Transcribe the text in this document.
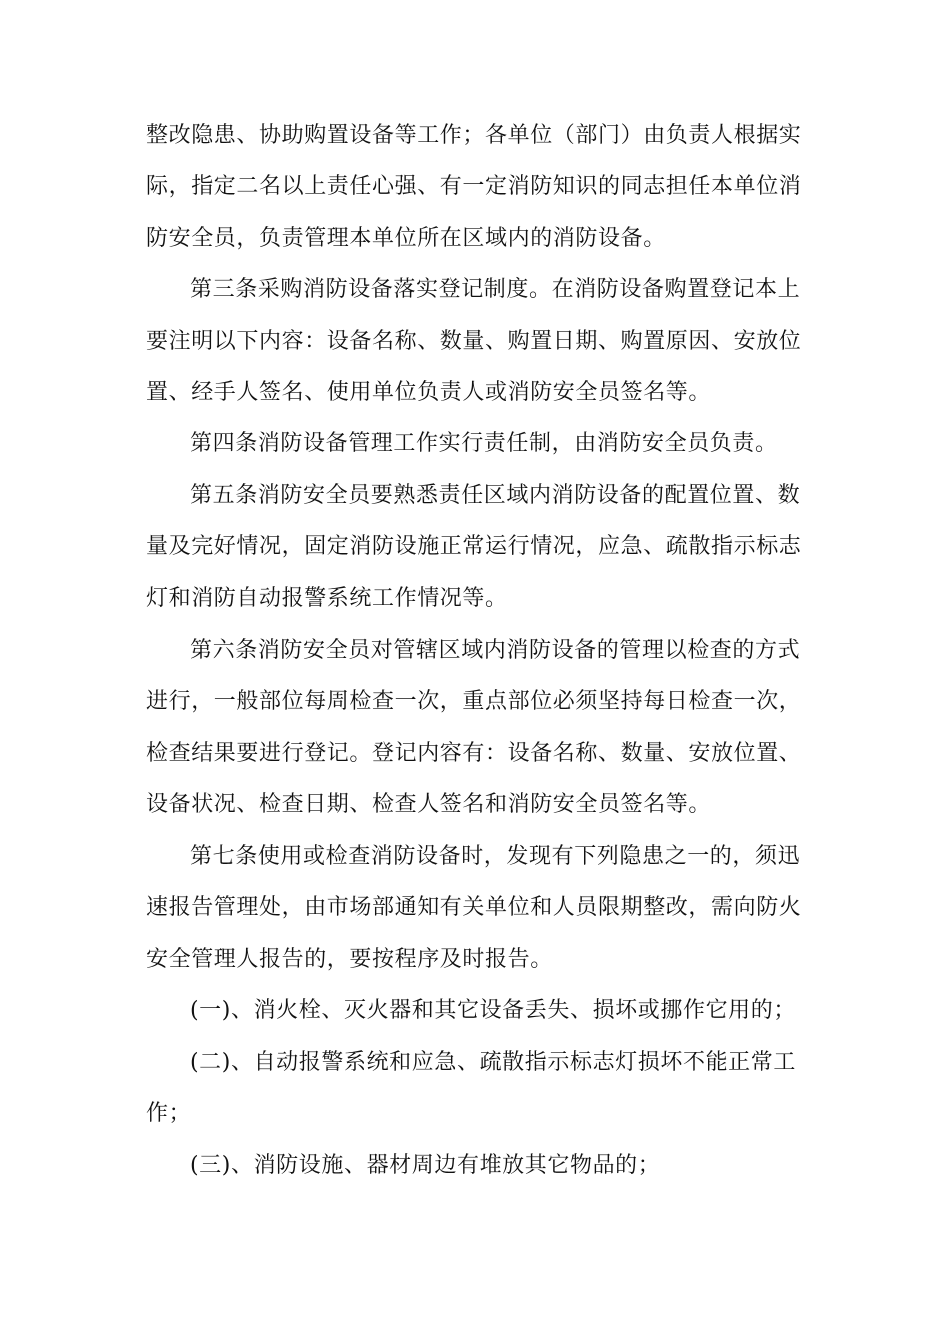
整改隐患、协助购置设备等工作；各单位（部门）由负责人根据实
际，指定二名以上责任心强、有一定消防知识的同志担任本单位消
防安全员，负责管理本单位所在区域内的消防设备。
第三条采购消防设备落实登记制度。在消防设备购置登记本上
要注明以下内容：设备名称、数量、购置日期、购置原因、安放位
置、经手人签名、使用单位负责人或消防安全员签名等。
第四条消防设备管理工作实行责任制，由消防安全员负责。
第五条消防安全员要熟悉责任区域内消防设备的配置位置、数
量及完好情况，固定消防设施正常运行情况，应急、疏散指示标志
灯和消防自动报警系统工作情况等。
第六条消防安全员对管辖区域内消防设备的管理以检查的方式
进行，一般部位每周检查一次，重点部位必须坚持每日检查一次，
检查结果要进行登记。登记内容有：设备名称、数量、安放位置、
设备状况、检查日期、检查人签名和消防安全员签名等。
第七条使用或检查消防设备时，发现有下列隐患之一的，须迅
速报告管理处，由市场部通知有关单位和人员限期整改，需向防火
安全管理人报告的，要按程序及时报告。
(一)、消火栓、灭火器和其它设备丢失、损坏或挪作它用的；
(二)、自动报警系统和应急、疏散指示标志灯损坏不能正常工
作；
(三)、消防设施、器材周边有堆放其它物品的；
